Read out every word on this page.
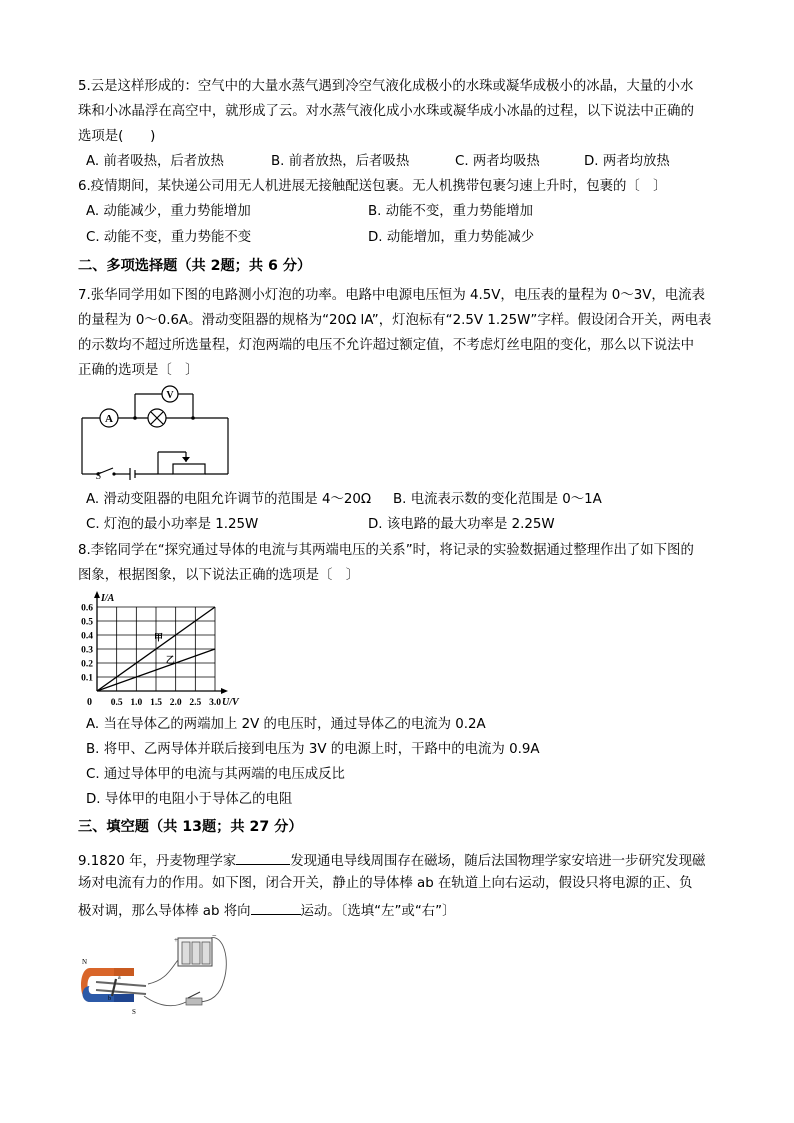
5.云是这样形成的：空气中的大量水蒸气遇到冷空气液化成极小的水珠或凝华成极小的冰晶，大量的小水
珠和小冰晶浮在高空中，就形成了云。对水蒸气液化成小水珠或凝华成小冰晶的过程，以下说法中正确的
选项是(　　)
A. 前者吸热，后者放热	B. 前者放热，后者吸热	C. 两者均吸热	D. 两者均放热
6.疫情期间，某快递公司用无人机进展无接触配送包裹。无人机携带包裹匀速上升时，包裹的〔　〕
A. 动能减少，重力势能增加	B. 动能不变，重力势能增加
C. 动能不变，重力势能不变	D. 动能增加，重力势能减少
二、多项选择题（共 2题；共 6 分）
7.张华同学用如下图的电路测小灯泡的功率。电路中电源电压恒为 4.5V，电压表的量程为 0～3V，电流表
的量程为 0～0.6A。滑动变阻器的规格为“20Ω lA”，灯泡标有“2.5V 1.25W”字样。假设闭合开关，两电表
的示数均不超过所选量程，灯泡两端的电压不允许超过额定值，不考虑灯丝电阻的变化，那么以下说法中
正确的选项是〔　〕
A
V
S
A. 滑动变阻器的电阻允许调节的范围是 4～20Ω B. 电流表示数的变化范围是 0～1A
C. 灯泡的最小功率是 1.25W	D. 该电路的最大功率是 2.25W
8.李铭同学在“探究通过导体的电流与其两端电压的关系”时，将记录的实验数据通过整理作出了如下图的
图象，根据图象，以下说法正确的选项是〔　〕
I/A
U/V
0 0.5 1.0 1.5 2.0 2.5 3.0
0.6
0.5
0.4
0.3
0.2
0.1
甲
乙
A. 当在导体乙的两端加上 2V 的电压时，通过导体乙的电流为 0.2A
B. 将甲、乙两导体并联后接到电压为 3V 的电源上时，干路中的电流为 0.9A
C. 通过导体甲的电流与其两端的电压成反比
D. 导体甲的电阻小于导体乙的电阻
三、填空题（共 13题；共 27 分）
9.1820 年，丹麦物理学家	发现通电导线周围存在磁场，随后法国物理学家安培进一步研究发现磁
场对电流有力的作用。如下图，闭合开关，静止的导体棒 ab 在轨道上向右运动，假设只将电源的正、负
极对调，那么导体棒 ab 将向	运动。〔选填“左”或“右”〕
+	−
a
b
N
S
